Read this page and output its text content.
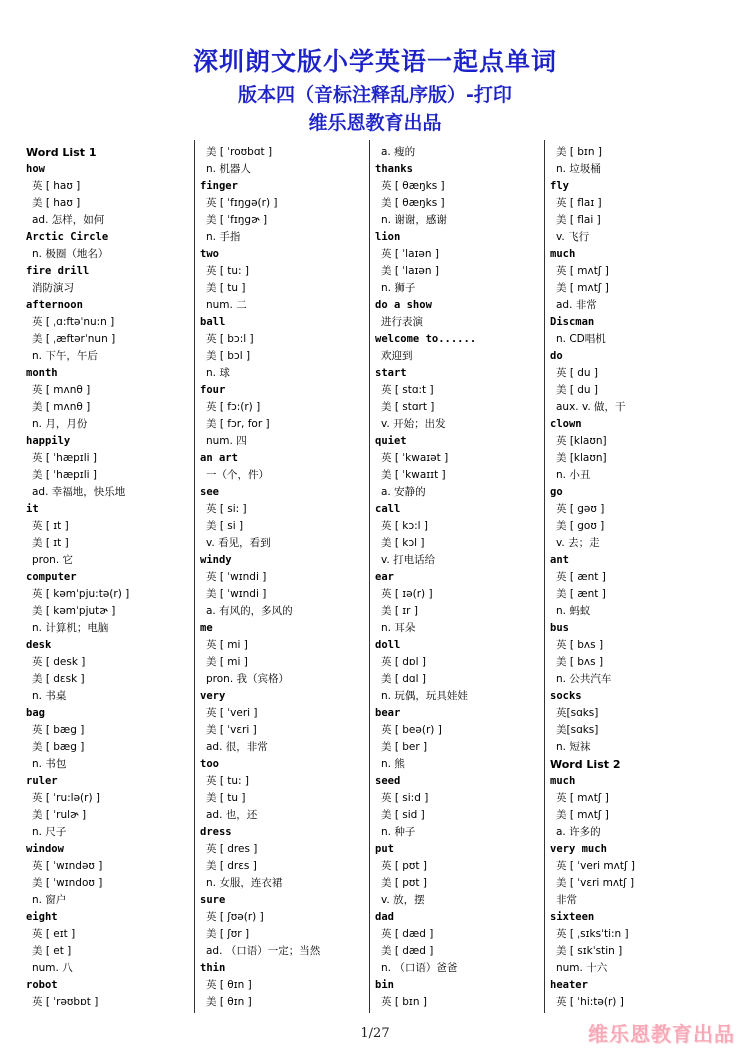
深圳朗文版小学英语一起点单词
版本四（音标注释乱序版）-打印
维乐恩教育出品
Word List 1
how
英 [ haʊ ]
美 [ haʊ ]
ad. 怎样，如何
Arctic Circle
n. 极圈（地名）
fire drill
消防演习
afternoon
英 [ ˌɑ:ftəˈnu:n ]
美 [ ˌæftərˈnun ]
n. 下午，午后
month
英 [ mʌnθ ]
美 [ mʌnθ ]
n. 月，月份
happily
英 [ ˈhæpɪli ]
美 [ ˈhæpɪli ]
ad. 幸福地，快乐地
it
英 [ ɪt ]
美 [ ɪt ]
pron. 它
computer
英 [ kəmˈpju:tə(r) ]
美 [ kəmˈpjutɚ ]
n. 计算机；电脑
desk
英 [ desk ]
美 [ dɛsk ]
n. 书桌
bag
英 [ bæg ]
美 [ bæg ]
n. 书包
ruler
英 [ ˈru:lə(r) ]
美 [ ˈrulɚ ]
n. 尺子
window
英 [ ˈwɪndəʊ ]
美 [ ˈwɪndoʊ ]
n. 窗户
eight
英 [ eɪt ]
美 [ et ]
num. 八
robot
英 [ ˈrəʊbɒt ]
美 [ ˈroʊbɑt ]
n. 机器人
finger
英 [ ˈfɪŋgə(r) ]
美 [ ˈfɪŋgɚ ]
n. 手指
two
英 [ tu: ]
美 [ tu ]
num. 二
ball
英 [ bɔ:l ]
美 [ bɔl ]
n. 球
four
英 [ fɔ:(r) ]
美 [ fɔr, for ]
num. 四
an art
一（个，件）
see
英 [ si: ]
美 [ si ]
v. 看见，看到
windy
英 [ ˈwɪndi ]
美 [ ˈwɪndi ]
a. 有风的，多风的
me
英 [ mi ]
美 [ mi ]
pron. 我（宾格）
very
英 [ ˈveri ]
美 [ ˈvɛri ]
ad. 很，非常
too
英 [ tu: ]
美 [ tu ]
ad. 也，还
dress
英 [ dres ]
美 [ drɛs ]
n. 女服，连衣裙
sure
英 [ ʃʊə(r) ]
美 [ ʃʊr ]
ad. （口语）一定；当然
thin
英 [ θɪn ]
美 [ θɪn ]
a. 瘦的
thanks
英 [ θæŋks ]
美 [ θæŋks ]
n. 谢谢，感谢
lion
英 [ ˈlaɪən ]
美 [ ˈlaɪən ]
n. 狮子
do a show
进行表演
welcome to......
欢迎到
start
英 [ stɑ:t ]
美 [ stɑrt ]
v. 开始；出发
quiet
英 [ ˈkwaɪət ]
美 [ ˈkwaɪɪt ]
a. 安静的
call
英 [ kɔ:l ]
美 [ kɔl ]
v. 打电话给
ear
英 [ ɪə(r) ]
美 [ ɪr ]
n. 耳朵
doll
英 [ dɒl ]
美 [ dɑl ]
n. 玩偶，玩具娃娃
bear
英 [ beə(r) ]
美 [ ber ]
n. 熊
seed
英 [ si:d ]
美 [ sid ]
n. 种子
put
英 [ pʊt ]
美 [ pʊt ]
v. 放，摆
dad
英 [ dæd ]
美 [ dæd ]
n. （口语）爸爸
bin
英 [ bɪn ]
美 [ bɪn ]
n. 垃圾桶
fly
英 [ flaɪ ]
美 [ flai ]
v. 飞行
much
英 [ mʌtʃ ]
美 [ mʌtʃ ]
ad. 非常
Discman
n. CD唱机
do
英 [ du ]
美 [ du ]
aux. v. 做，干
clown
英 [klaʊn]
美 [klaʊn]
n. 小丑
go
英 [ gəʊ ]
美 [ goʊ ]
v. 去；走
ant
英 [ ænt ]
美 [ ænt ]
n. 蚂蚁
bus
英 [ bʌs ]
美 [ bʌs ]
n. 公共汽车
socks
英[sɑks]
美[sɑks]
n. 短袜
Word List 2
much
英 [ mʌtʃ ]
美 [ mʌtʃ ]
a. 许多的
very much
英 [ ˈveri mʌtʃ ]
美 [ ˈvɛri mʌtʃ ]
非常
sixteen
英 [ ˌsɪksˈti:n ]
美 [ sɪkˈstin ]
num. 十六
heater
英 [ ˈhi:tə(r) ]
1/27	维乐恩教育出品
